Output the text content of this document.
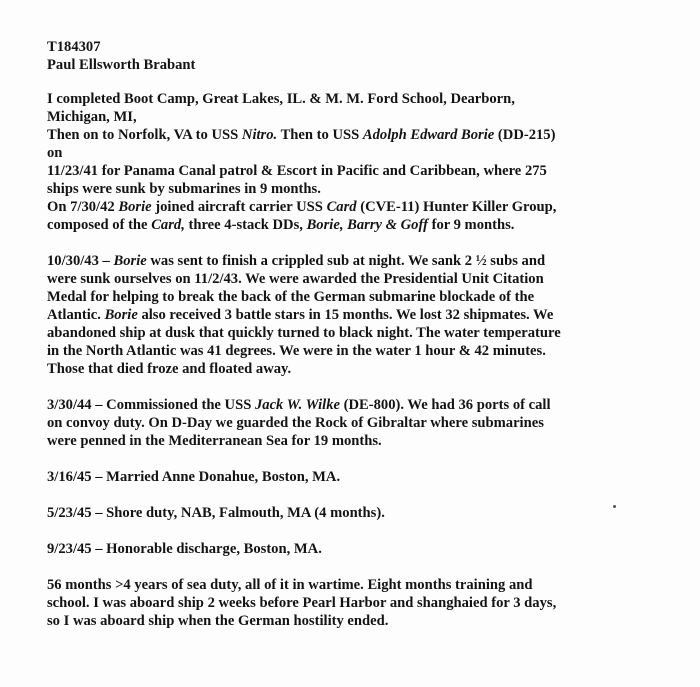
T184307
Paul Ellsworth Brabant
I completed Boot Camp, Great Lakes, IL. & M. M. Ford School, Dearborn,
Michigan, MI,
Then on to Norfolk, VA to USS Nitro. Then to USS Adolph Edward Borie (DD-215)
on
11/23/41 for Panama Canal patrol & Escort in Pacific and Caribbean, where 275
ships were sunk by submarines in 9 months.
On 7/30/42 Borie joined aircraft carrier USS Card (CVE-11) Hunter Killer Group,
composed of the Card, three 4-stack DDs, Borie, Barry & Goff for 9 months.
10/30/43 – Borie was sent to finish a crippled sub at night. We sank 2 ½ subs and
were sunk ourselves on 11/2/43. We were awarded the Presidential Unit Citation
Medal for helping to break the back of the German submarine blockade of the
Atlantic. Borie also received 3 battle stars in 15 months. We lost 32 shipmates. We
abandoned ship at dusk that quickly turned to black night. The water temperature
in the North Atlantic was 41 degrees. We were in the water 1 hour & 42 minutes.
Those that died froze and floated away.
3/30/44 – Commissioned the USS Jack W. Wilke (DE-800). We had 36 ports of call
on convoy duty. On D-Day we guarded the Rock of Gibraltar where submarines
were penned in the Mediterranean Sea for 19 months.
3/16/45 – Married Anne Donahue, Boston, MA.
5/23/45 – Shore duty, NAB, Falmouth, MA (4 months).
9/23/45 – Honorable discharge, Boston, MA.
56 months >4 years of sea duty, all of it in wartime. Eight months training and
school. I was aboard ship 2 weeks before Pearl Harbor and shanghaied for 3 days,
so I was aboard ship when the German hostility ended.
